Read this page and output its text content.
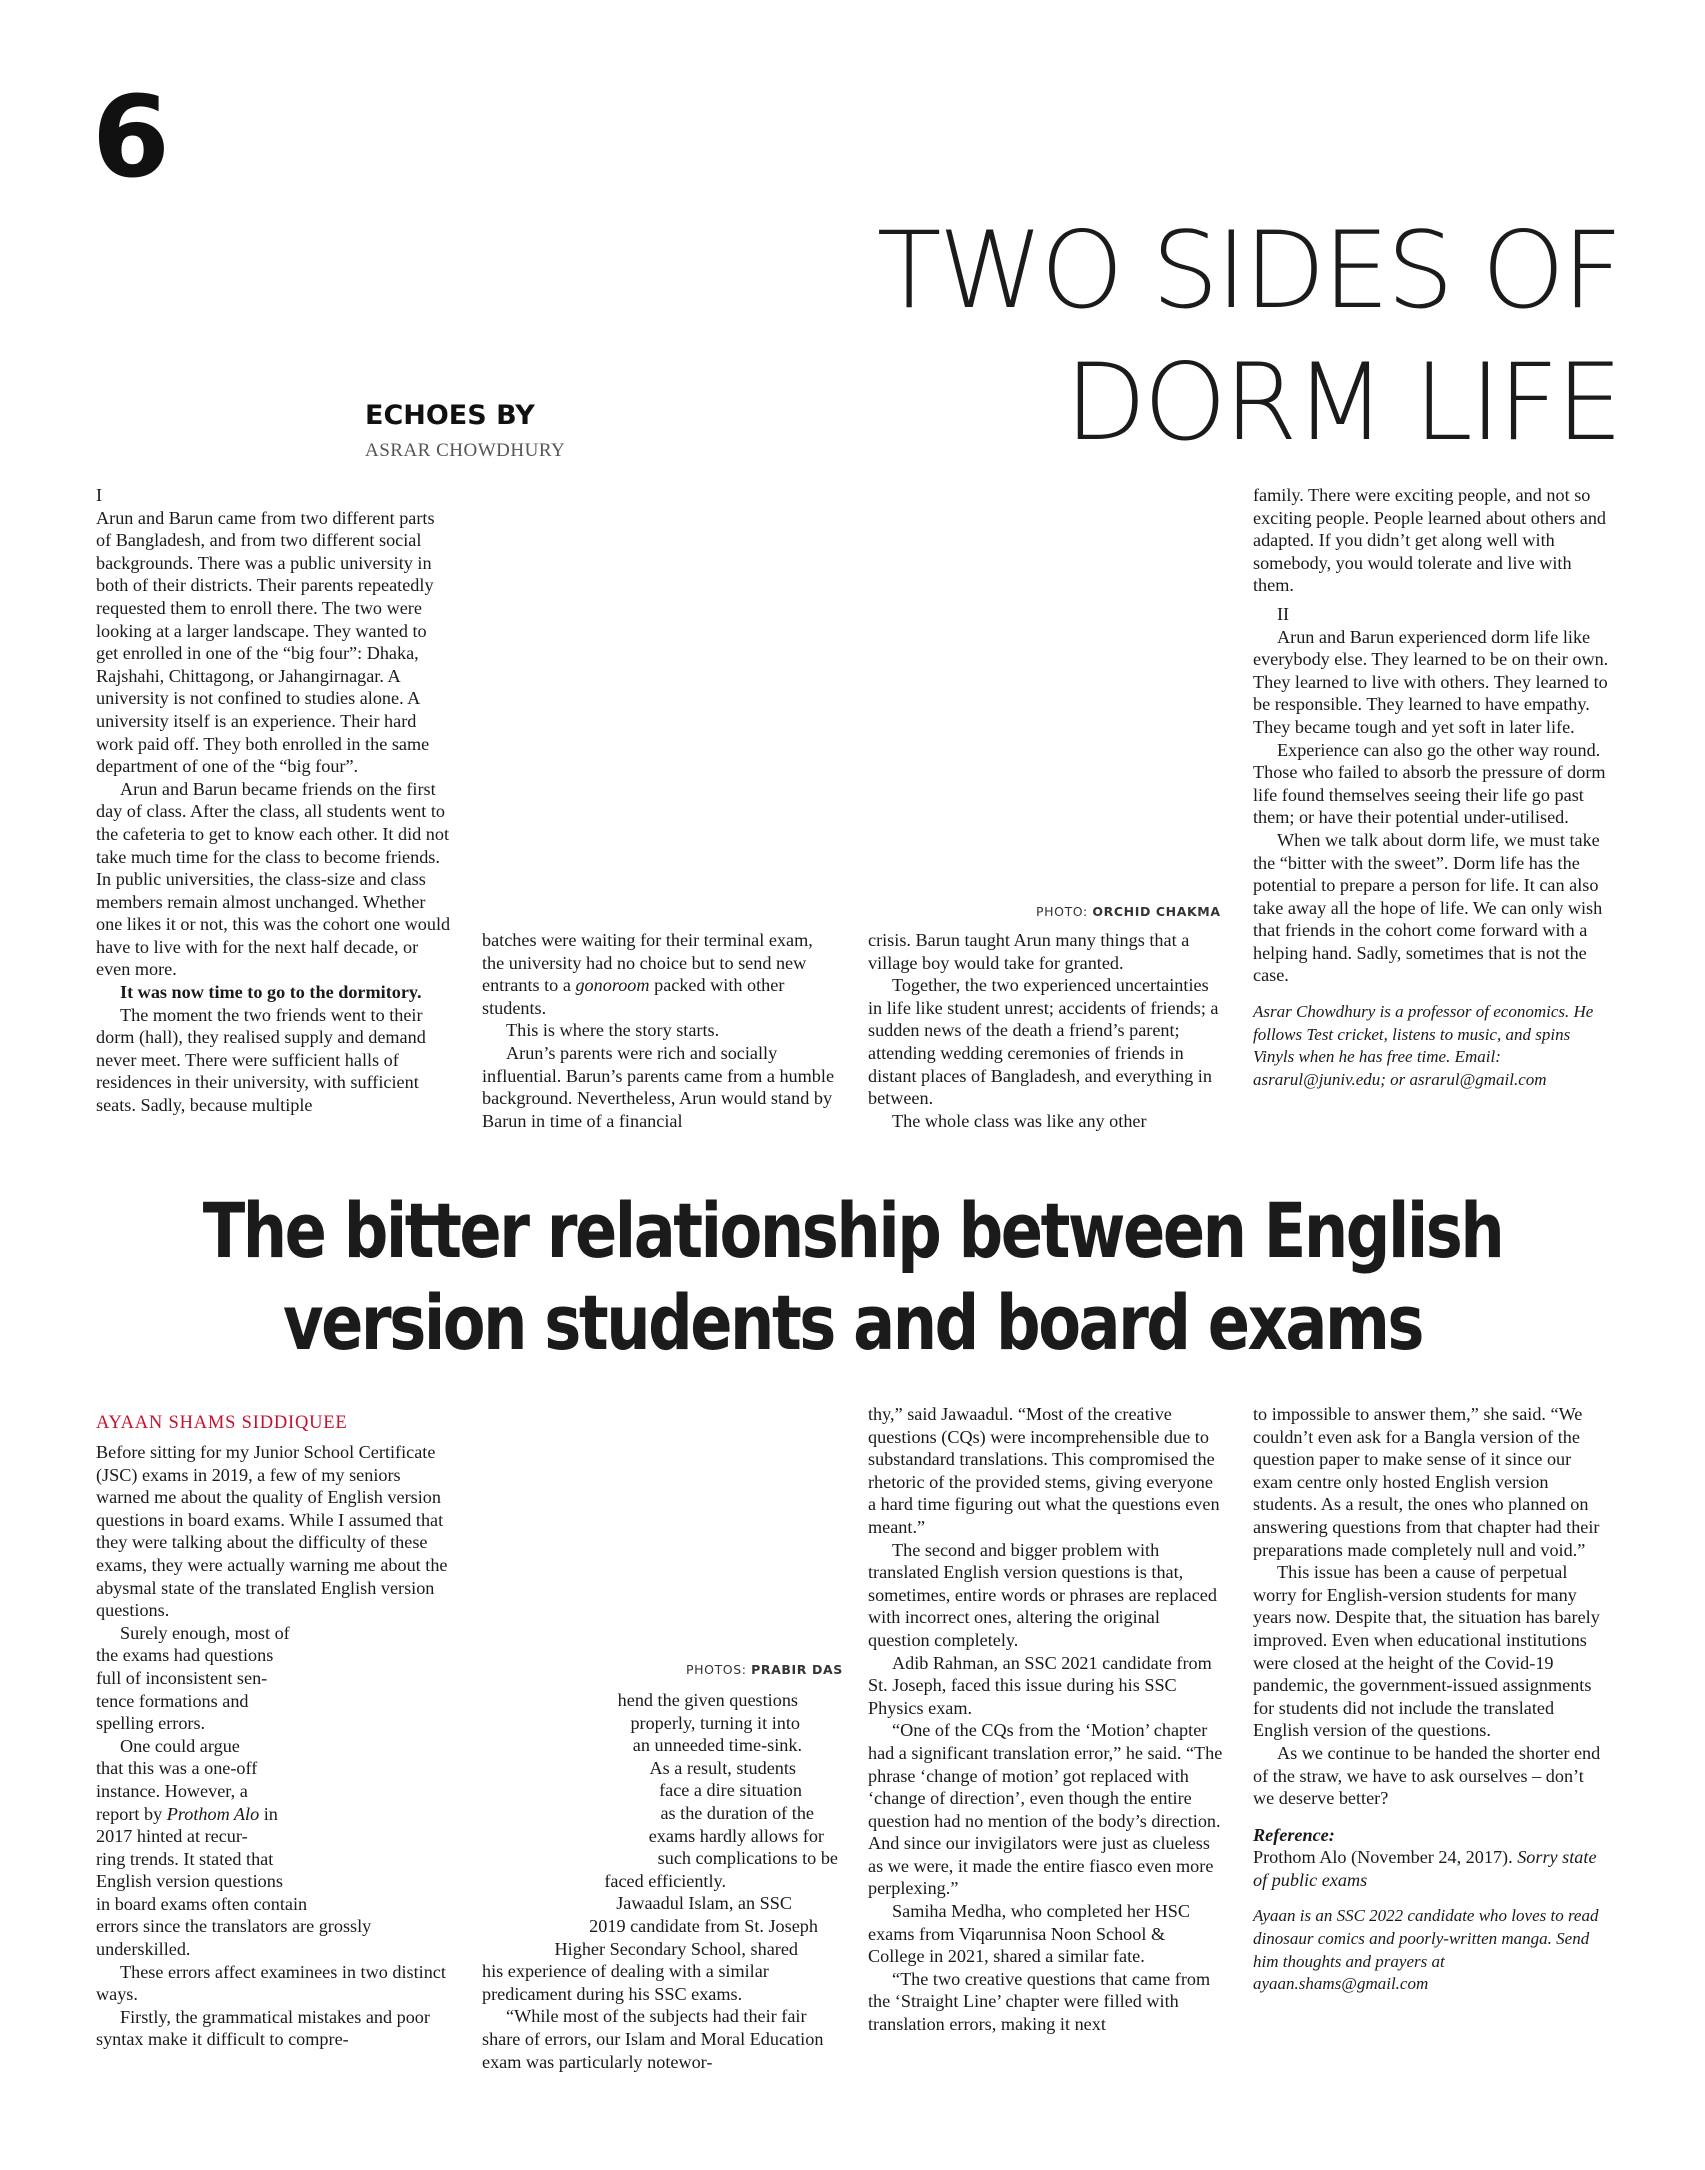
6
TWO SIDES OF
DORM LIFE
ECHOES BY
ASRAR CHOWDHURY

I

Arun and Barun came from two different parts of Bangladesh, and from two different social backgrounds. There was a public university in both of their districts. Their parents repeatedly requested them to enroll there. The two were looking at a larger landscape. They wanted to get enrolled in one of the “big four”: Dhaka, Rajshahi, Chittagong, or Jahangirnagar. A university is not confined to studies alone. A university itself is an experience. Their hard work paid off. They both enrolled in the same department of one of the “big four”.

Arun and Barun became friends on the first day of class. After the class, all students went to the cafeteria to get to know each other. It did not take much time for the class to become friends. In public universities, the class-size and class members remain almost unchanged. Whether one likes it or not, this was the cohort one would have to live with for the next half decade, or even more.

It was now time to go to the dormitory.

The moment the two friends went to their dorm (hall), they realised supply and demand never meet. There were sufficient halls of residences in their university, with sufficient seats. Sadly, because multiple

PHOTO: ORCHID CHAKMA

batches were waiting for their terminal exam, the university had no choice but to send new entrants to a gonoroom packed with other students.

This is where the story starts.

Arun’s parents were rich and socially influential. Barun’s parents came from a humble background. Nevertheless, Arun would stand by Barun in time of a financial

crisis. Barun taught Arun many things that a village boy would take for granted.

Together, the two experienced uncertainties in life like student unrest; accidents of friends; a sudden news of the death a friend’s parent; attending wedding ceremonies of friends in distant places of Bangladesh, and everything in between.

The whole class was like any other

family. There were exciting people, and not so exciting people. People learned about others and adapted. If you didn’t get along well with somebody, you would tolerate and live with them.

II

Arun and Barun experienced dorm life like everybody else. They learned to be on their own. They learned to live with others. They learned to be responsible. They learned to have empathy. They became tough and yet soft in later life.

Experience can also go the other way round. Those who failed to absorb the pressure of dorm life found themselves seeing their life go past them; or have their potential under-utilised.

When we talk about dorm life, we must take the “bitter with the sweet”. Dorm life has the potential to prepare a person for life. It can also take away all the hope of life. We can only wish that friends in the cohort come forward with a helping hand. Sadly, sometimes that is not the case.

Asrar Chowdhury is a professor of economics. He follows Test cricket, listens to music, and spins Vinyls when he has free time. Email: asrarul@juniv.edu; or asrarul@gmail.com

The bitter relationship between English
version students and board exams
AYAAN SHAMS SIDDIQUEE

Before sitting for my Junior School Certificate (JSC) exams in 2019, a few of my seniors warned me about the quality of English version questions in board exams. While I assumed that they were talking about the difficulty of these exams, they were actually warning me about the abysmal state of the translated English version questions.

Surely enough, most of
the exams had questions
full of inconsistent sen-
tence formations and
spelling errors.
One could argue
that this was a one-off
instance. However, a
report by Prothom Alo in
2017 hinted at recur-
ring trends. It stated that
English version questions
in board exams often contain
errors since the translators are grossly
underskilled.

These errors affect examinees in two distinct ways.

Firstly, the grammatical mistakes and poor syntax make it difficult to compre-

PHOTOS: PRABIR DAS
hend the given questions
properly, turning it into
an unneeded time-sink.
As a result, students
face a dire situation
as the duration of the
exams hardly allows for
such complications to be
faced efficiently.
Jawaadul Islam, an SSC
2019 candidate from St. Joseph
Higher Secondary School, shared

his experience of dealing with a similar predicament during his SSC exams.

“While most of the subjects had their fair share of errors, our Islam and Moral Education exam was particularly notewor-

thy,” said Jawaadul. “Most of the creative questions (CQs) were incomprehensible due to substandard translations. This compromised the rhetoric of the provided stems, giving everyone a hard time figuring out what the questions even meant.”

The second and bigger problem with translated English version questions is that, sometimes, entire words or phrases are replaced with incorrect ones, altering the original question completely.

Adib Rahman, an SSC 2021 candidate from St. Joseph, faced this issue during his SSC Physics exam.

“One of the CQs from the ‘Motion’ chapter had a significant translation error,” he said. “The phrase ‘change of motion’ got replaced with ‘change of direction’, even though the entire question had no mention of the body’s direction. And since our invigilators were just as clueless as we were, it made the entire fiasco even more perplexing.”

Samiha Medha, who completed her HSC exams from Viqarunnisa Noon School & College in 2021, shared a similar fate.

“The two creative questions that came from the ‘Straight Line’ chapter were filled with translation errors, making it next

to impossible to answer them,” she said. “We couldn’t even ask for a Bangla version of the question paper to make sense of it since our exam centre only hosted English version students. As a result, the ones who planned on answering questions from that chapter had their preparations made completely null and void.”

This issue has been a cause of perpetual worry for English-version students for many years now. Despite that, the situation has barely improved. Even when educational institutions were closed at the height of the Covid-19 pandemic, the government-issued assignments for students did not include the translated English version of the questions.

As we continue to be handed the shorter end of the straw, we have to ask ourselves – don’t we deserve better?

Reference:

Prothom Alo (November 24, 2017). Sorry state of public exams

Ayaan is an SSC 2022 candidate who loves to read dinosaur comics and poorly-written manga. Send him thoughts and prayers at ayaan.shams@gmail.com
